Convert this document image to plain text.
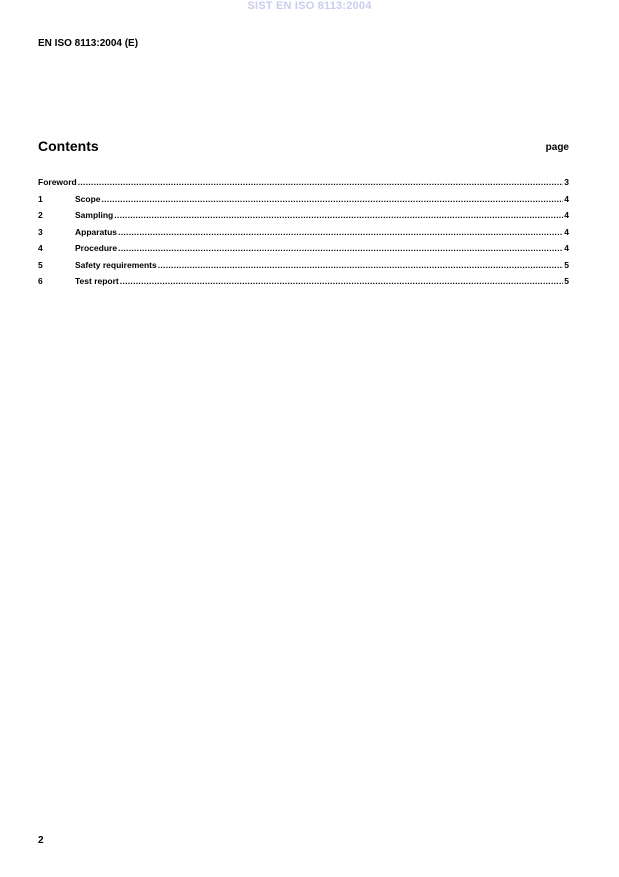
SIST EN ISO 8113:2004
EN ISO 8113:2004 (E)
Contents	page
Foreword .....	3
1	Scope .....	4
2	Sampling .....	4
3	Apparatus .....	4
4	Procedure .....	4
5	Safety requirements .....	5
6	Test report .....	5
2
